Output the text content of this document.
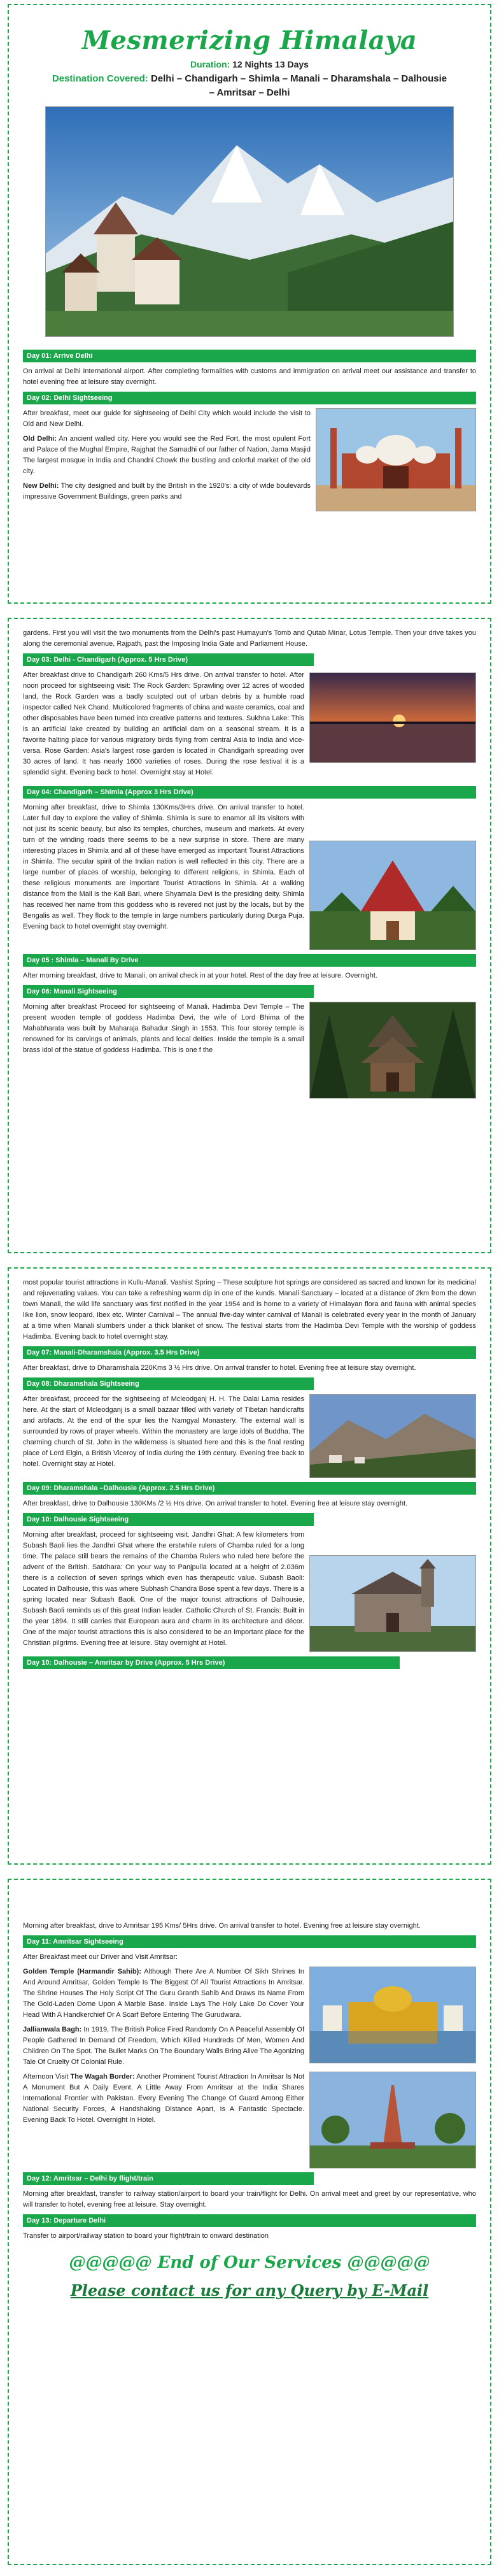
Mesmerizing Himalaya
Duration: 12 Nights 13 Days
Destination Covered: Delhi – Chandigarh – Shimla – Manali – Dharamshala – Dalhousie – Amritsar – Delhi
Day 01: Arrive Delhi

On arrival at Delhi International airport. After completing formalities with customs and immigration on arrival meet our assistance and transfer to hotel evening free at leisure stay overnight.

Day 02: Delhi Sightseeing

After breakfast, meet our guide for sightseeing of Delhi City which would include the visit to Old and New Delhi.

Old Delhi: An ancient walled city. Here you would see the Red Fort, the most opulent Fort and Palace of the Mughal Empire, Rajghat the Samadhi of our father of Nation, Jama Masjid The largest mosque in India and Chandni Chowk the bustling and colorful market of the old city.

New Delhi: The city designed and built by the British in the 1920's: a city of wide boulevards impressive Government Buildings, green parks and

gardens. First you will visit the two monuments from the Delhi's past Humayun's Tomb and Qutab Minar, Lotus Temple. Then your drive takes you along the ceremonial avenue, Rajpath, past the Imposing India Gate and Parliament House.

Day 03: Delhi - Chandigarh (Approx. 5 Hrs Drive)

After breakfast drive to Chandigarh 260 Kms/5 Hrs drive. On arrival transfer to hotel. After noon proceed for sightseeing visit: The Rock Garden: Sprawling over 12 acres of wooded land, the Rock Garden was a badly sculpted out of urban debris by a humble road inspector called Nek Chand. Multicolored fragments of china and waste ceramics, coal and other disposables have been turned into creative patterns and textures. Sukhna Lake: This is an artificial lake created by building an artificial dam on a seasonal stream. It is a favorite halting place for various migratory birds flying from central Asia to India and vice-versa. Rose Garden: Asia's largest rose garden is located in Chandigarh spreading over 30 acres of land. It has nearly 1600 varieties of roses. During the rose festival it is a splendid sight. Evening back to hotel. Overnight stay at Hotel.

Day 04: Chandigarh – Shimla (Approx 3 Hrs Drive)

Morning after breakfast, drive to Shimla 130Kms/3Hrs drive. On arrival transfer to hotel. Later full day to explore the valley of Shimla. Shimla is sure to enamor all its visitors with not just its scenic beauty, but also its temples, churches, museum and markets. At every turn of the winding roads there seems to be a new surprise in store. There are many interesting places in Shimla and all of these have emerged as important Tourist Attractions in Shimla. The secular spirit of the Indian nation is well reflected in this city. There are a large number of places of worship, belonging to different religions, in Shimla. Each of these religious monuments are important Tourist Attractions in Shimla. At a walking distance from the Mall is the Kali Bari, where Shyamala Devi is the presiding deity. Shimla has received her name from this goddess who is revered not just by the locals, but by the Bengalis as well. They flock to the temple in large numbers particularly during Durga Puja. Evening back to hotel overnight stay overnight.

Day 05 : Shimla – Manali By Drive

After morning breakfast, drive to Manali, on arrival check in at your hotel. Rest of the day free at leisure. Overnight.

Day 06: Manali Sightseeing

Morning after breakfast Proceed for sightseeing of Manali. Hadimba Devi Temple – The present wooden temple of goddess Hadimba Devi, the wife of Lord Bhima of the Mahabharata was built by Maharaja Bahadur Singh in 1553. This four storey temple is renowned for its carvings of animals, plants and local deities. Inside the temple is a small brass idol of the statue of goddess Hadimba. This is one f the

most popular tourist attractions in Kullu-Manali. Vashist Spring – These sculpture hot springs are considered as sacred and known for its medicinal and rejuvenating values. You can take a refreshing warm dip in one of the kunds. Manali Sanctuary – located at a distance of 2km from the down town Manali, the wild life sanctuary was first notified in the year 1954 and is home to a variety of Himalayan flora and fauna with animal species like lion, snow leopard, Ibex etc. Winter Carnival – The annual five-day winter carnival of Manali is celebrated every year in the month of January at a time when Manali slumbers under a thick blanket of snow. The festival starts from the Hadimba Devi Temple with the worship of goddess Hadimba. Evening back to hotel overnight stay.

Day 07: Manali-Dharamshala (Approx. 3.5 Hrs Drive)

After breakfast, drive to Dharamshala 220Kms 3 ½ Hrs drive. On arrival transfer to hotel. Evening free at leisure stay overnight.

Day 08: Dharamshala Sightseeing

After breakfast, proceed for the sightseeing of Mcleodganj H. H. The Dalai Lama resides here. At the start of Mcleodganj is a small bazaar filled with variety of Tibetan handicrafts and artifacts. At the end of the spur lies the Namgyal Monastery. The external wall is surrounded by rows of prayer wheels. Within the monastery are large idols of Buddha. The charming church of St. John in the wilderness is situated here and this is the final resting place of Lord Elgin, a British Viceroy of India during the 19th century. Evening free back to hotel. Overnight stay at Hotel.

Day 09: Dharamshala –Dalhousie (Approx. 2.5 Hrs Drive)

After breakfast, drive to Dalhousie 130KMs /2 ½ Hrs drive. On arrival transfer to hotel. Evening free at leisure stay overnight.

Day 10: Dalhousie Sightseeing

Morning after breakfast, proceed for sightseeing visit. Jandhri Ghat: A few kilometers from Subash Baoli lies the Jandhri Ghat where the erstwhile rulers of Chamba ruled for a long time. The palace still bears the remains of the Chamba Rulers who ruled here before the advent of the British. Satdhara: On your way to Panjpulla located at a height of 2.036m there is a collection of seven springs which even has therapeutic value. Subash Baoli: Located in Dalhousie, this was where Subhash Chandra Bose spent a few days. There is a spring located near Subash Baoli. One of the major tourist attractions of Dalhousie, Subash Baoli reminds us of this great Indian leader. Catholic Church of St. Francis: Built in the year 1894. It still carries that European aura and charm in its architecture and décor. One of the major tourist attractions this is also considered to be an important place for the Christian pilgrims. Evening free at leisure. Stay overnight at Hotel.

Day 10: Dalhousie – Amritsar by Drive (Approx. 5 Hrs Drive)

Morning after breakfast, drive to Amritsar 195 Kms/ 5Hrs drive. On arrival transfer to hotel. Evening free at leisure stay overnight.

Day 11: Amritsar Sightseeing

After Breakfast meet our Driver and Visit Amritsar:

Golden Temple (Harmandir Sahib): Although There Are A Number Of Sikh Shrines In And Around Amritsar, Golden Temple Is The Biggest Of All Tourist Attractions In Amritsar. The Shrine Houses The Holy Script Of The Guru Granth Sahib And Draws Its Name From The Gold-Laden Dome Upon A Marble Base. Inside Lays The Holy Lake Do Cover Your Head With A Handkerchief Or A Scarf Before Entering The Gurudwara.

Jallianwala Bagh: In 1919, The British Police Fired Randomly On A Peaceful Assembly Of People Gathered In Demand Of Freedom, Which Killed Hundreds Of Men, Women And Children On The Spot. The Bullet Marks On The Boundary Walls Bring Alive The Agonizing Tale Of Cruelty Of Colonial Rule.

Afternoon Visit The Wagah Border: Another Prominent Tourist Attraction In Amritsar Is Not A Monument But A Daily Event. A Little Away From Amritsar at the India Shares International Frontier with Pakistan. Every Evening The Change Of Guard Among Either National Security Forces, A Handshaking Distance Apart, Is A Fantastic Spectacle. Evening Back To Hotel. Overnight In Hotel.

Day 12: Amritsar – Delhi by flight/train

Morning after breakfast, transfer to railway station/airport to board your train/flight for Delhi. On arrival meet and greet by our representative, who will transfer to hotel, evening free at leisure. Stay overnight.

Day 13: Departure Delhi

Transfer to airport/railway station to board your flight/train to onward destination

@@@@@ End of Our Services @@@@@
Please contact us for any Query by E-Mail
